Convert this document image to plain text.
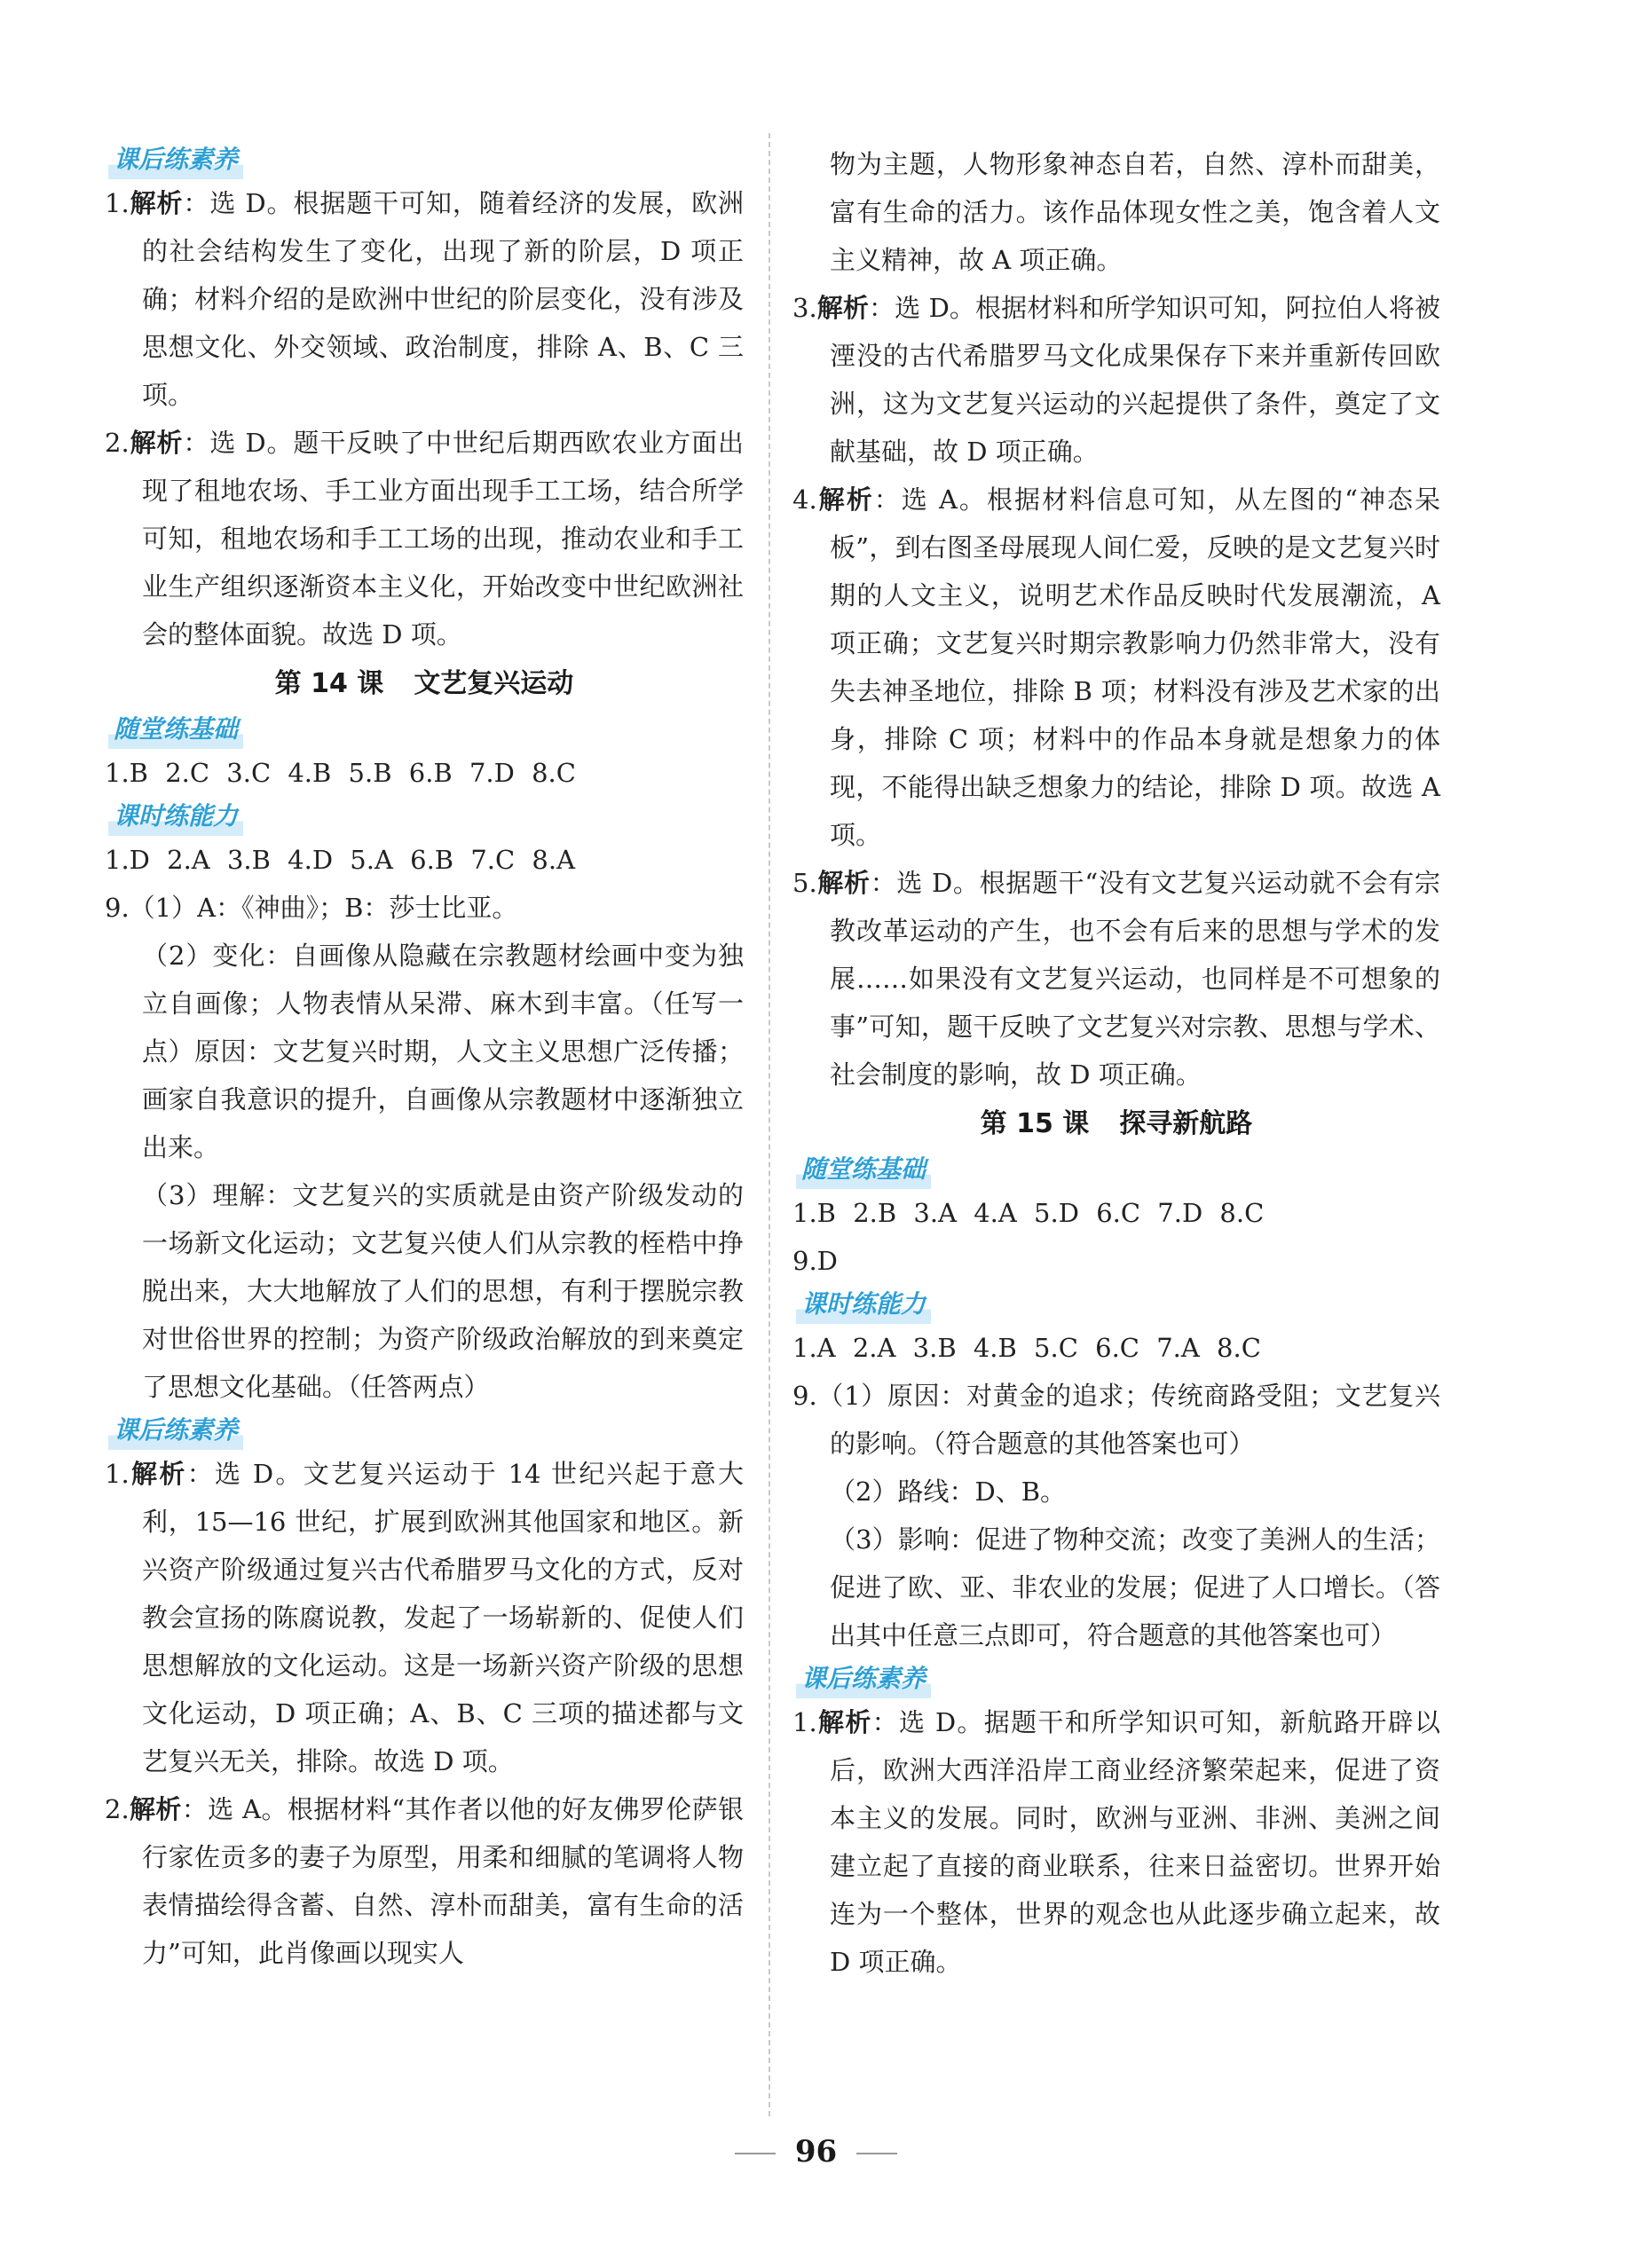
课后练素养

1.解析：选 D。根据题干可知，随着经济的发展，欧洲的社会结构发生了变化，出现了新的阶层，D 项正确；材料介绍的是欧洲中世纪的阶层变化，没有涉及思想文化、外交领域、政治制度，排除 A、B、C 三项。

2.解析：选 D。题干反映了中世纪后期西欧农业方面出现了租地农场、手工业方面出现手工工场，结合所学可知，租地农场和手工工场的出现，推动农业和手工业生产组织逐渐资本主义化，开始改变中世纪欧洲社会的整体面貌。故选 D 项。

第 14 课 文艺复兴运动
随堂练基础

1.B 2.C 3.C 4.B 5.B 6.B 7.D 8.C

课时练能力

1.D 2.A 3.B 4.D 5.A 6.B 7.C 8.A

9.（1）A：《神曲》；B：莎士比亚。

（2）变化：自画像从隐藏在宗教题材绘画中变为独立自画像；人物表情从呆滞、麻木到丰富。（任写一点）原因：文艺复兴时期，人文主义思想广泛传播；画家自我意识的提升，自画像从宗教题材中逐渐独立出来。

（3）理解：文艺复兴的实质就是由资产阶级发动的一场新文化运动；文艺复兴使人们从宗教的桎梏中挣脱出来，大大地解放了人们的思想，有利于摆脱宗教对世俗世界的控制；为资产阶级政治解放的到来奠定了思想文化基础。（任答两点）

课后练素养

1.解析：选 D。文艺复兴运动于 14 世纪兴起于意大利，15—16 世纪，扩展到欧洲其他国家和地区。新兴资产阶级通过复兴古代希腊罗马文化的方式，反对教会宣扬的陈腐说教，发起了一场崭新的、促使人们思想解放的文化运动。这是一场新兴资产阶级的思想文化运动，D 项正确；A、B、C 三项的描述都与文艺复兴无关，排除。故选 D 项。

2.解析：选 A。根据材料“其作者以他的好友佛罗伦萨银行家佐贡多的妻子为原型，用柔和细腻的笔调将人物表情描绘得含蓄、自然、淳朴而甜美，富有生命的活力”可知，此肖像画以现实人

物为主题，人物形象神态自若，自然、淳朴而甜美，富有生命的活力。该作品体现女性之美，饱含着人文主义精神，故 A 项正确。

3.解析：选 D。根据材料和所学知识可知，阿拉伯人将被湮没的古代希腊罗马文化成果保存下来并重新传回欧洲，这为文艺复兴运动的兴起提供了条件，奠定了文献基础，故 D 项正确。

4.解析：选 A。根据材料信息可知，从左图的“神态呆板”，到右图圣母展现人间仁爱，反映的是文艺复兴时期的人文主义，说明艺术作品反映时代发展潮流，A 项正确；文艺复兴时期宗教影响力仍然非常大，没有失去神圣地位，排除 B 项；材料没有涉及艺术家的出身，排除 C 项；材料中的作品本身就是想象力的体现，不能得出缺乏想象力的结论，排除 D 项。故选 A 项。

5.解析：选 D。根据题干“没有文艺复兴运动就不会有宗教改革运动的产生，也不会有后来的思想与学术的发展……如果没有文艺复兴运动，也同样是不可想象的事”可知，题干反映了文艺复兴对宗教、思想与学术、社会制度的影响，故 D 项正确。

第 15 课 探寻新航路
随堂练基础

1.B 2.B 3.A 4.A 5.D 6.C 7.D 8.C

9.D

课时练能力

1.A 2.A 3.B 4.B 5.C 6.C 7.A 8.C

9.（1）原因：对黄金的追求；传统商路受阻；文艺复兴的影响。（符合题意的其他答案也可）

（2）路线：D、B。

（3）影响：促进了物种交流；改变了美洲人的生活；促进了欧、亚、非农业的发展；促进了人口增长。（答出其中任意三点即可，符合题意的其他答案也可）

课后练素养

1.解析：选 D。据题干和所学知识可知，新航路开辟以后，欧洲大西洋沿岸工商业经济繁荣起来，促进了资本主义的发展。同时，欧洲与亚洲、非洲、美洲之间建立起了直接的商业联系，往来日益密切。世界开始连为一个整体，世界的观念也从此逐步确立起来，故 D 项正确。

96
